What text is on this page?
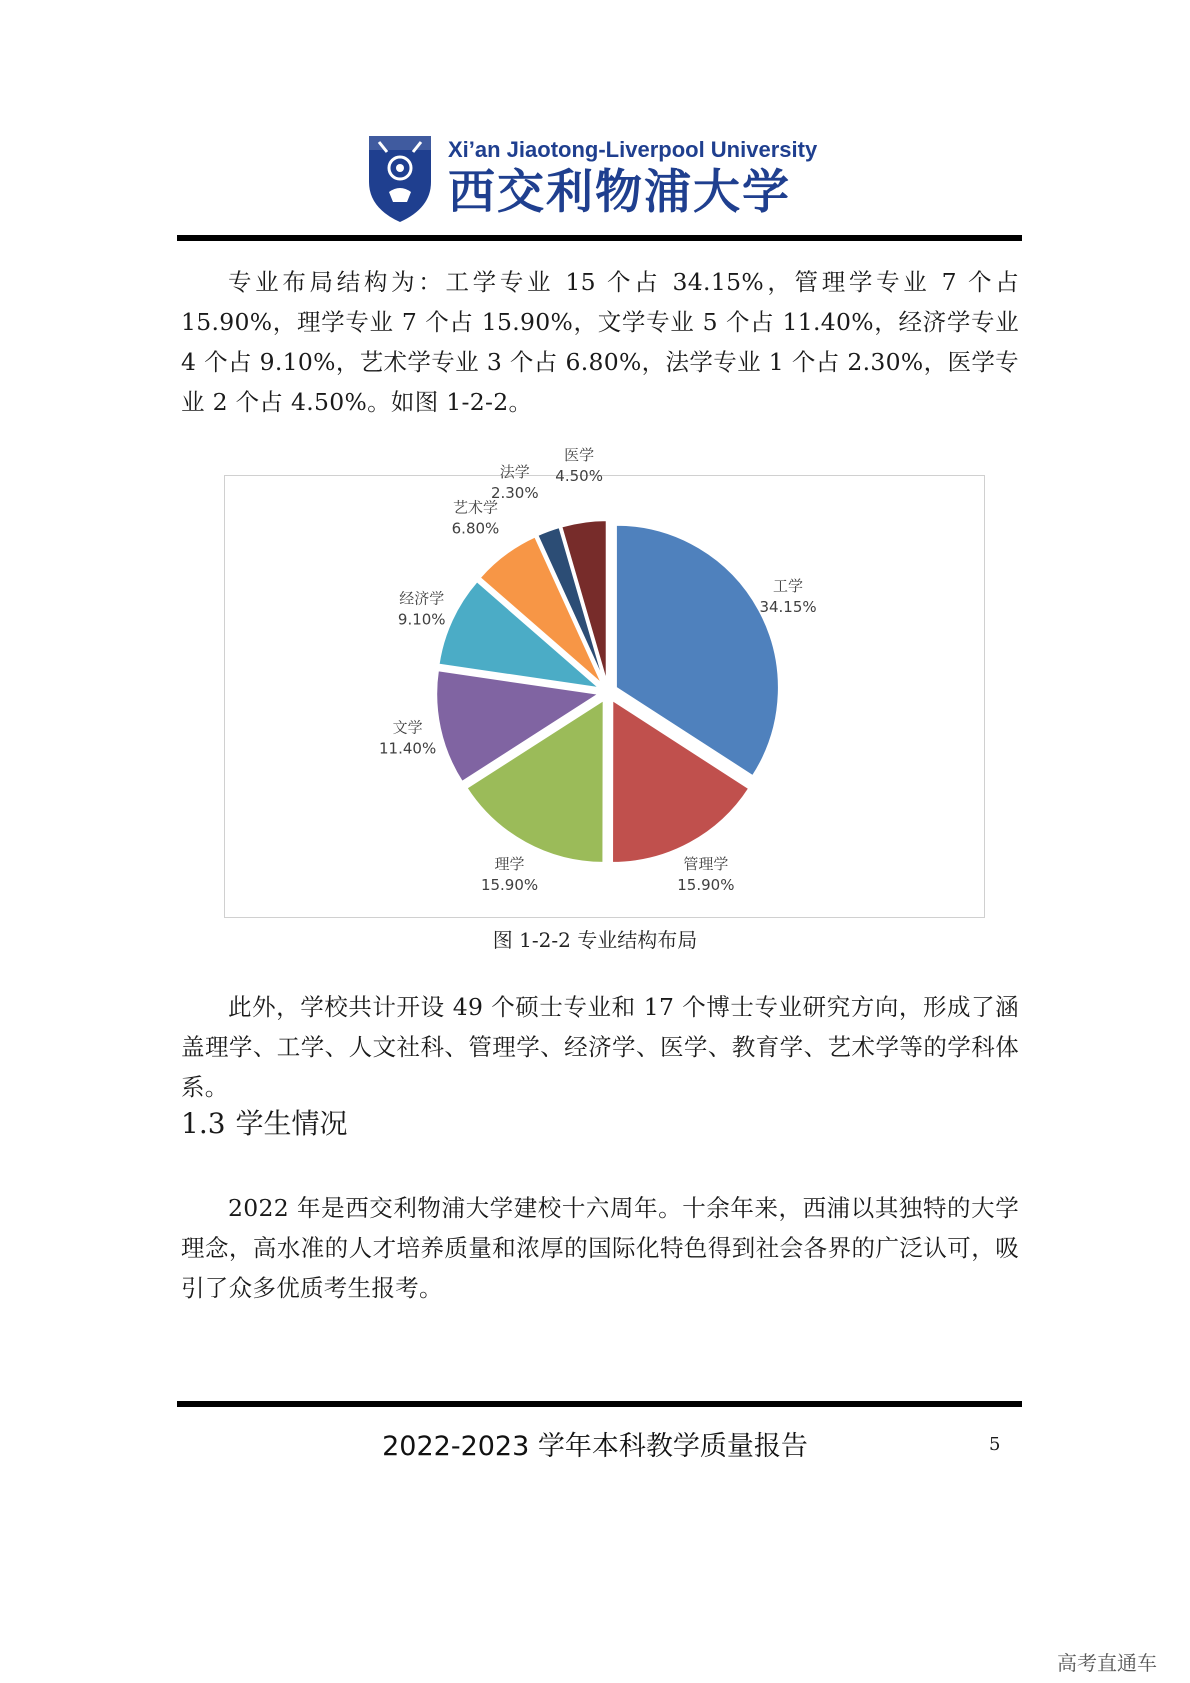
Xi’an Jiaotong-Liverpool University
西交利物浦大学
专业布局结构为：工学专业 15 个占 34.15%，管理学专业 7 个占 15.90%，理学专业 7 个占 15.90%，文学专业 5 个占 11.40%，经济学专业 4 个占 9.10%，艺术学专业 3 个占 6.80%，法学专业 1 个占 2.30%，医学专业 2 个占 4.50%。如图 1-2-2。
工学
34.15%
管理学
15.90%
理学
15.90%
文学
11.40%
经济学
9.10%
艺术学
6.80%
法学
2.30%
医学
4.50%
图 1-2-2 专业结构布局
此外，学校共计开设 49 个硕士专业和 17 个博士专业研究方向，形成了涵盖理学、工学、人文社科、管理学、经济学、医学、教育学、艺术学等的学科体系。
1.3 学生情况
2022 年是西交利物浦大学建校十六周年。十余年来，西浦以其独特的大学理念，高水准的人才培养质量和浓厚的国际化特色得到社会各界的广泛认可，吸引了众多优质考生报考。
2022-2023 学年本科教学质量报告	5
高考直通车
